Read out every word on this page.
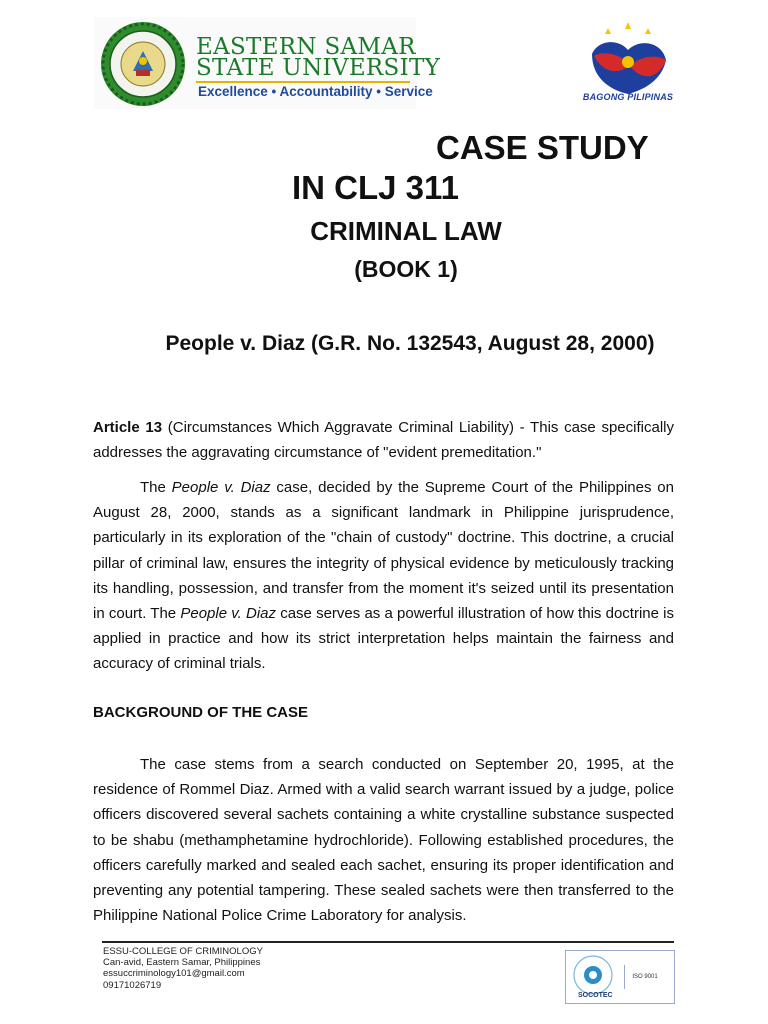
EASTERN SAMAR
STATE UNIVERSITY
Excellence • Accountability • Service	BAGONG PILIPINAS
CASE STUDY
IN CLJ 311
CRIMINAL LAW
(BOOK 1)
People v. Diaz (G.R. No. 132543, August 28, 2000)
Article 13 (Circumstances Which Aggravate Criminal Liability) - This case specifically addresses the aggravating circumstance of "evident premeditation."
The People v. Diaz case, decided by the Supreme Court of the Philippines on August 28, 2000, stands as a significant landmark in Philippine jurisprudence, particularly in its exploration of the "chain of custody" doctrine. This doctrine, a crucial pillar of criminal law, ensures the integrity of physical evidence by meticulously tracking its handling, possession, and transfer from the moment it's seized until its presentation in court. The People v. Diaz case serves as a powerful illustration of how this doctrine is applied in practice and how its strict interpretation helps maintain the fairness and accuracy of criminal trials.
BACKGROUND OF THE CASE
The case stems from a search conducted on September 20, 1995, at the residence of Rommel Diaz. Armed with a valid search warrant issued by a judge, police officers discovered several sachets containing a white crystalline substance suspected to be shabu (methamphetamine hydrochloride). Following established procedures, the officers carefully marked and sealed each sachet, ensuring its proper identification and preventing any potential tampering. These sealed sachets were then transferred to the Philippine National Police Crime Laboratory for analysis.
ESSU-COLLEGE OF CRIMINOLOGY
Can-avid, Eastern Samar, Philippines
essuccriminology101@gmail.com
09171026719
SOCOTEC
ISO 9001
